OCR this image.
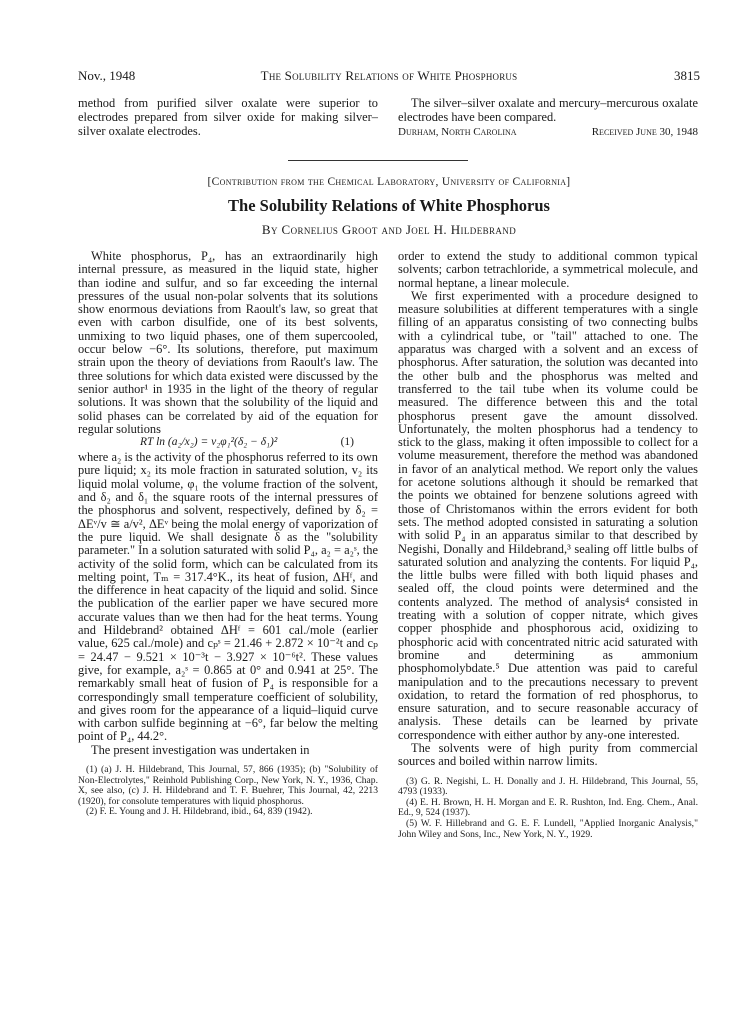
Nov., 1948	The Solubility Relations of White Phosphorus	3815
method from purified silver oxalate were superior to electrodes prepared from silver oxide for making silver–silver oxalate electrodes.
The silver–silver oxalate and mercury–mercurous oxalate electrodes have been compared.
Durham, North Carolina	Received June 30, 1948
[Contribution from the Chemical Laboratory, University of California]
The Solubility Relations of White Phosphorus
By Cornelius Groot and Joel H. Hildebrand

White phosphorus, P₄, has an extraordinarily high internal pressure, as measured in the liquid state, higher than iodine and sulfur, and so far exceeding the internal pressures of the usual non-polar solvents that its solutions show enormous deviations from Raoult's law, so great that even with carbon disulfide, one of its best solvents, unmixing to two liquid phases, one of them supercooled, occur below −6°. Its solutions, therefore, put maximum strain upon the theory of deviations from Raoult's law. The three solutions for which data existed were discussed by the senior author¹ in 1935 in the light of the theory of regular solutions. It was shown that the solubility of the liquid and solid phases can be correlated by aid of the equation for regular solutions

RT ln (a₂/x₂) = v₂φ₁²(δ₂ − δ₁)²	(1)

where a₂ is the activity of the phosphorus referred to its own pure liquid; x₂ its mole fraction in saturated solution, v₂ its liquid molal volume, φ₁ the volume fraction of the solvent, and δ₂ and δ₁ the square roots of the internal pressures of the phosphorus and solvent, respectively, defined by δ₂ = ΔEᵛ/v ≅ a/v², ΔEᵛ being the molal energy of vaporization of the pure liquid. We shall designate δ as the "solubility parameter." In a solution saturated with solid P₄, a₂ = a₂ˢ, the activity of the solid form, which can be calculated from its melting point, Tₘ = 317.4°K., its heat of fusion, ΔHᶠ, and the difference in heat capacity of the liquid and solid. Since the publication of the earlier paper we have secured more accurate values than we then had for the heat terms. Young and Hildebrand² obtained ΔHᶠ = 601 cal./mole (earlier value, 625 cal./mole) and cₚˢ = 21.46 + 2.872 × 10⁻²t and cₚ = 24.47 − 9.521 × 10⁻³t − 3.927 × 10⁻⁶t². These values give, for example, a₂ˢ = 0.865 at 0° and 0.941 at 25°. The remarkably small heat of fusion of P₄ is responsible for a correspondingly small temperature coefficient of solubility, and gives room for the appearance of a liquid–liquid curve with carbon sulfide beginning at −6°, far below the melting point of P₄, 44.2°.

The present investigation was undertaken in

(1) (a) J. H. Hildebrand, This Journal, 57, 866 (1935); (b) "Solubility of Non-Electrolytes," Reinhold Publishing Corp., New York, N. Y., 1936, Chap. X, see also, (c) J. H. Hildebrand and T. F. Buehrer, This Journal, 42, 2213 (1920), for consolute temperatures with liquid phosphorus.
(2) F. E. Young and J. H. Hildebrand, ibid., 64, 839 (1942).

order to extend the study to additional common typical solvents; carbon tetrachloride, a symmetrical molecule, and normal heptane, a linear molecule.

We first experimented with a procedure designed to measure solubilities at different temperatures with a single filling of an apparatus consisting of two connecting bulbs with a cylindrical tube, or "tail" attached to one. The apparatus was charged with a solvent and an excess of phosphorus. After saturation, the solution was decanted into the other bulb and the phosphorus was melted and transferred to the tail tube when its volume could be measured. The difference between this and the total phosphorus present gave the amount dissolved. Unfortunately, the molten phosphorus had a tendency to stick to the glass, making it often impossible to collect for a volume measurement, therefore the method was abandoned in favor of an analytical method. We report only the values for acetone solutions although it should be remarked that the points we obtained for benzene solutions agreed with those of Christomanos within the errors evident for both sets. The method adopted consisted in saturating a solution with solid P₄ in an apparatus similar to that described by Negishi, Donally and Hildebrand,³ sealing off little bulbs of saturated solution and analyzing the contents. For liquid P₄, the little bulbs were filled with both liquid phases and sealed off, the cloud points were determined and the contents analyzed. The method of analysis⁴ consisted in treating with a solution of copper nitrate, which gives copper phosphide and phosphorous acid, oxidizing to phosphoric acid with concentrated nitric acid saturated with bromine and determining as ammonium phosphomolybdate.⁵ Due attention was paid to careful manipulation and to the precautions necessary to prevent oxidation, to retard the formation of red phosphorus, to ensure saturation, and to secure reasonable accuracy of analysis. These details can be learned by private correspondence with either author by any-one interested.

The solvents were of high purity from commercial sources and boiled within narrow limits.

(3) G. R. Negishi, L. H. Donally and J. H. Hildebrand, This Journal, 55, 4793 (1933).
(4) E. H. Brown, H. H. Morgan and E. R. Rushton, Ind. Eng. Chem., Anal. Ed., 9, 524 (1937).
(5) W. F. Hillebrand and G. E. F. Lundell, "Applied Inorganic Analysis," John Wiley and Sons, Inc., New York, N. Y., 1929.
